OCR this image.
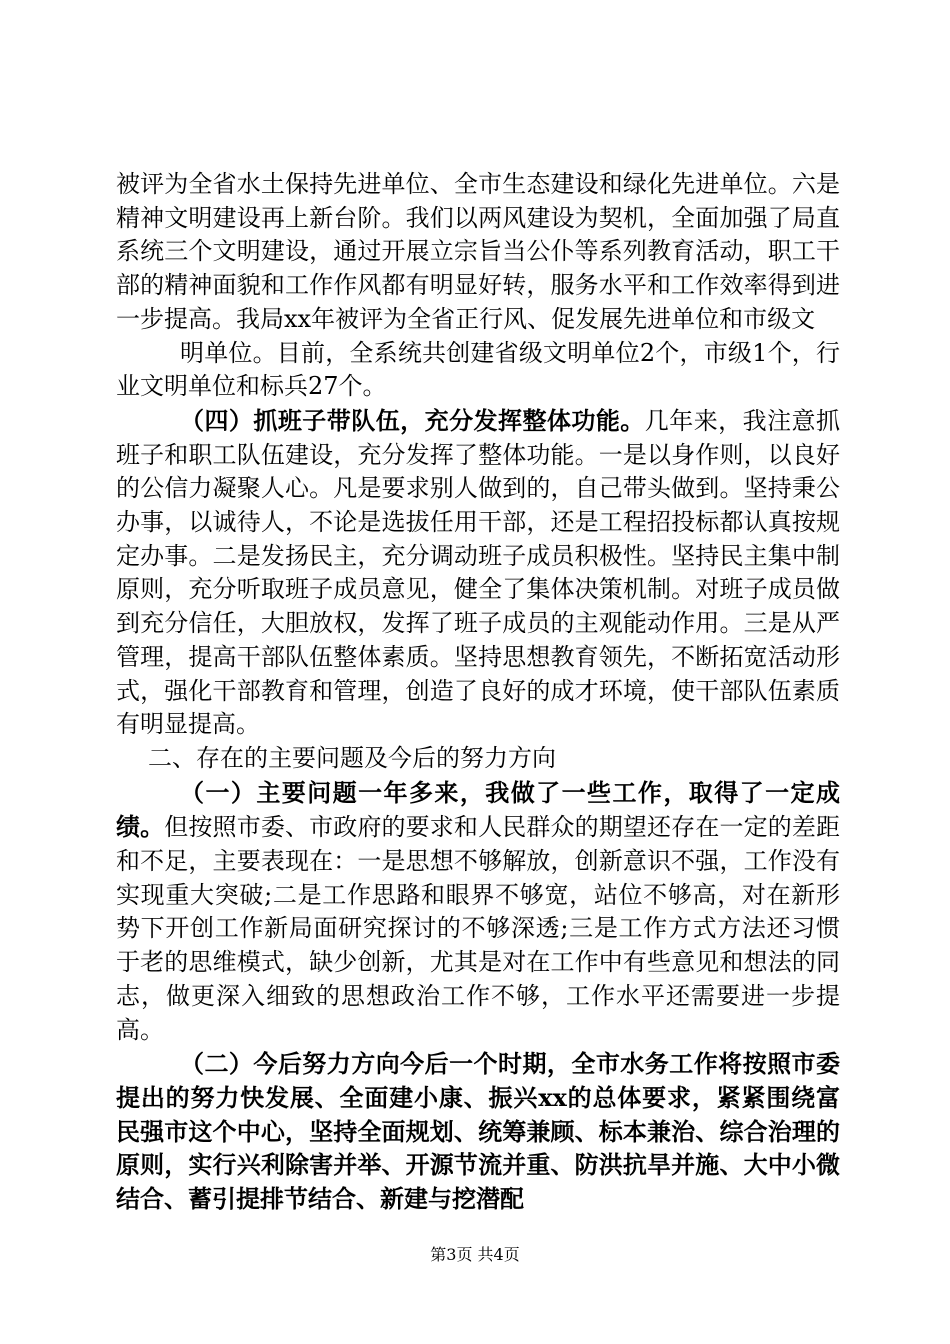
被评为全省水土保持先进单位、全市生态建设和绿化先进单位。六是精神文明建设再上新台阶。我们以两风建设为契机，全面加强了局直系统三个文明建设，通过开展立宗旨当公仆等系列教育活动，职工干部的精神面貌和工作作风都有明显好转，服务水平和工作效率得到进一步提高。我局xx年被评为全省正行风、促发展先进单位和市级文

明单位。目前，全系统共创建省级文明单位2个，市级1个，行业文明单位和标兵27个。

（四）抓班子带队伍，充分发挥整体功能。几年来，我注意抓班子和职工队伍建设，充分发挥了整体功能。一是以身作则，以良好的公信力凝聚人心。凡是要求别人做到的，自己带头做到。坚持秉公办事，以诚待人，不论是选拔任用干部，还是工程招投标都认真按规定办事。二是发扬民主，充分调动班子成员积极性。坚持民主集中制原则，充分听取班子成员意见，健全了集体决策机制。对班子成员做到充分信任，大胆放权，发挥了班子成员的主观能动作用。三是从严管理，提高干部队伍整体素质。坚持思想教育领先，不断拓宽活动形式，强化干部教育和管理，创造了良好的成才环境，使干部队伍素质有明显提高。

二、存在的主要问题及今后的努力方向

（一）主要问题一年多来，我做了一些工作，取得了一定成绩。但按照市委、市政府的要求和人民群众的期望还存在一定的差距和不足，主要表现在：一是思想不够解放，创新意识不强，工作没有实现重大突破;二是工作思路和眼界不够宽，站位不够高，对在新形势下开创工作新局面研究探讨的不够深透;三是工作方式方法还习惯于老的思维模式，缺少创新，尤其是对在工作中有些意见和想法的同志，做更深入细致的思想政治工作不够，工作水平还需要进一步提高。

（二）今后努力方向今后一个时期，全市水务工作将按照市委提出的努力快发展、全面建小康、振兴xx的总体要求，紧紧围绕富民强市这个中心，坚持全面规划、统筹兼顾、标本兼治、综合治理的原则，实行兴利除害并举、开源节流并重、防洪抗旱并施、大中小微结合、蓄引提排节结合、新建与挖潜配

第3页 共4页
